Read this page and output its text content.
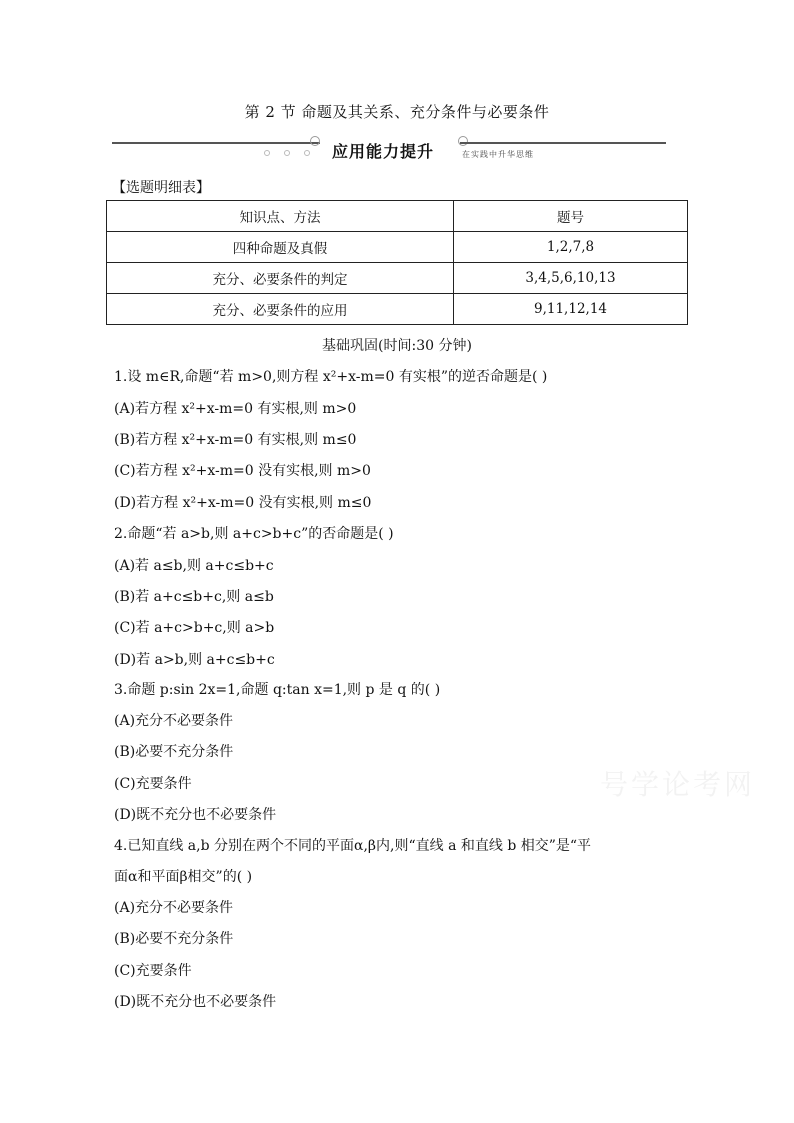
第 2 节 命题及其关系、充分条件与必要条件
应用能力提升	在实践中升华思维
【选题明细表】
知识点、方法	题号
四种命题及真假	1,2,7,8
充分、必要条件的判定	3,4,5,6,10,13
充分、必要条件的应用	9,11,12,14
基础巩固(时间:30 分钟)
1.设 m∈R,命题“若 m>0,则方程 x²+x-m=0 有实根”的逆否命题是( )
(A)若方程 x²+x-m=0 有实根,则 m>0
(B)若方程 x²+x-m=0 有实根,则 m≤0
(C)若方程 x²+x-m=0 没有实根,则 m>0
(D)若方程 x²+x-m=0 没有实根,则 m≤0
2.命题“若 a>b,则 a+c>b+c”的否命题是( )
(A)若 a≤b,则 a+c≤b+c
(B)若 a+c≤b+c,则 a≤b
(C)若 a+c>b+c,则 a>b
(D)若 a>b,则 a+c≤b+c
3.命题 p:sin 2x=1,命题 q:tan x=1,则 p 是 q 的( )
(A)充分不必要条件
(B)必要不充分条件
(C)充要条件
(D)既不充分也不必要条件
4.已知直线 a,b 分别在两个不同的平面α,β内,则“直线 a 和直线 b 相交”是“平
面α和平面β相交”的( )
(A)充分不必要条件
(B)必要不充分条件
(C)充要条件
(D)既不充分也不必要条件
号学论考网
